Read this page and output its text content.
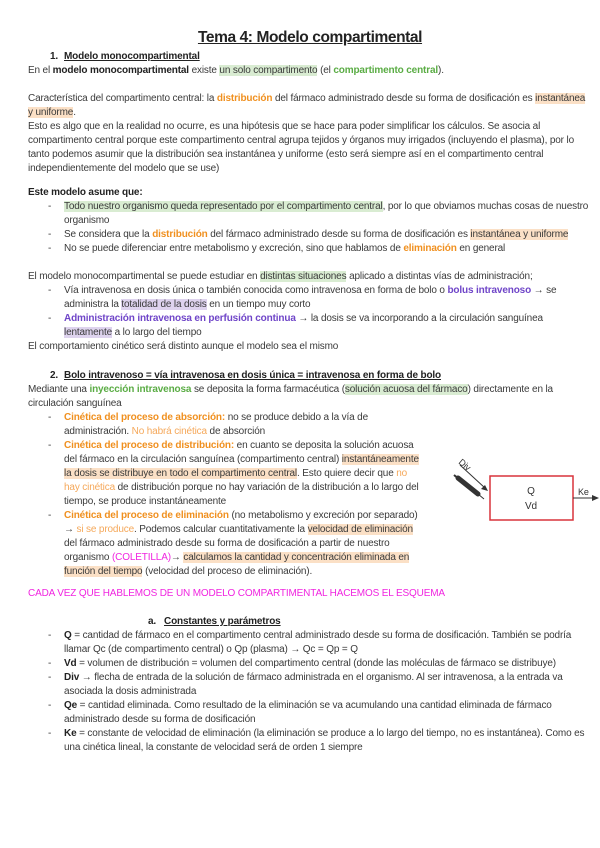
Tema 4: Modelo compartimental
1. Modelo monocompartimental

En el modelo monocompartimental existe un solo compartimento (el compartimento central).

Característica del compartimento central: la distribución del fármaco administrado desde su forma de dosificación es instantánea y uniforme.

Esto es algo que en la realidad no ocurre, es una hipótesis que se hace para poder simplificar los cálculos. Se asocia al compartimento central porque este compartimento central agrupa tejidos y órganos muy irrigados (incluyendo el plasma), por lo tanto podemos asumir que la distribución sea instantánea y uniforme (esto será siempre así en el compartimento central independientemente del modelo que se use)

Este modelo asume que:

- Todo nuestro organismo queda representado por el compartimento central, por lo que obviamos muchas cosas de nuestro organismo
- Se considera que la distribución del fármaco administrado desde su forma de dosificación es instantánea y uniforme
- No se puede diferenciar entre metabolismo y excreción, sino que hablamos de eliminación en general

El modelo monocompartimental se puede estudiar en distintas situaciones aplicado a distintas vías de administración;

- Vía intravenosa en dosis única o también conocida como intravenosa en forma de bolo o bolus intravenoso → se administra la totalidad de la dosis en un tiempo muy corto
- Administración intravenosa en perfusión continua → la dosis se va incorporando a la circulación sanguínea lentamente a lo largo del tiempo

El comportamiento cinético será distinto aunque el modelo sea el mismo

2. Bolo intravenoso = vía intravenosa en dosis única = intravenosa en forma de bolo

Mediante una inyección intravenosa se deposita la forma farmacéutica (solución acuosa del fármaco) directamente en la circulación sanguínea

- Cinética del proceso de absorción: no se produce debido a la vía de administración. No habrá cinética de absorción
- Cinética del proceso de distribución: en cuanto se deposita la solución acuosa del fármaco en la circulación sanguínea (compartimento central) instantáneamente la dosis se distribuye en todo el compartimento central. Esto quiere decir que no hay cinética de distribución porque no hay variación de la distribución a lo largo del tiempo, se produce instantáneamente
- Cinética del proceso de eliminación (no metabolismo y excreción por separado) → si se produce. Podemos calcular cuantitativamente la velocidad de eliminación del fármaco administrado desde su forma de dosificación a partir de nuestro organismo (COLETILLA)→ calculamos la cantidad y concentración eliminada en función del tiempo (velocidad del proceso de eliminación).

CADA VEZ QUE HABLEMOS DE UN MODELO COMPARTIMENTAL HACEMOS EL ESQUEMA

a. Constantes y parámetros
- Q = cantidad de fármaco en el compartimento central administrado desde su forma de dosificación. También se podría llamar Qc (de compartimento central) o Qp (plasma) → Qc = Qp = Q
- Vd = volumen de distribución = volumen del compartimento central (donde las moléculas de fármaco se distribuye)
- Div → flecha de entrada de la solución de fármaco administrada en el organismo. Al ser intravenosa, a la entrada va asociada la dosis administrada
- Qe = cantidad eliminada. Como resultado de la eliminación se va acumulando una cantidad eliminada de fármaco administrado desde su forma de dosificación
- Ke = constante de velocidad de eliminación (la eliminación se produce a lo largo del tiempo, no es instantánea). Como es una cinética lineal, la constante de velocidad será de orden 1 siempre
Div
Q
Vd
Ke
